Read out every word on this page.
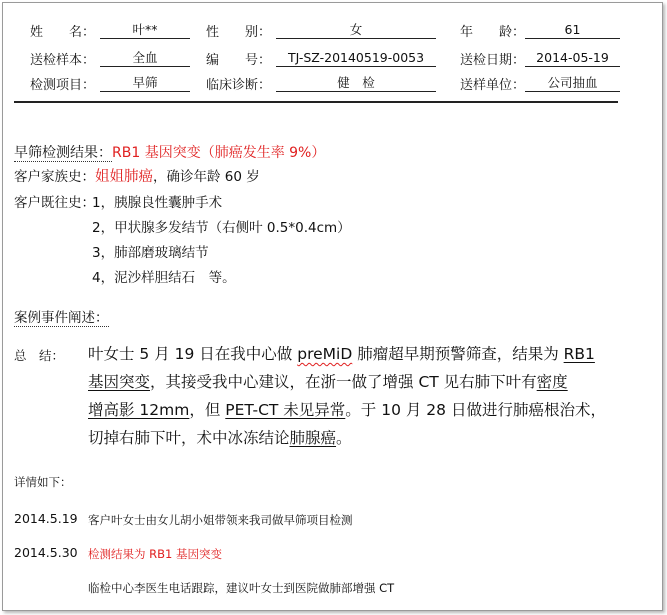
姓　　名：	叶**	性　　别：	女	年　　龄：	61
送检样本：	全血	编　　号：	TJ-SZ-20140519-0053	送检日期： 2014-05-19
检测项目：	早筛	临床诊断：	健　检	送样单位：	公司抽血
早筛检测结果：RB1 基因突变（肺癌发生率 9%）
客户家族史：姐姐肺癌，确诊年龄 60 岁
客户既往史：
1，胰腺良性囊肿手术
2，甲状腺多发结节（右侧叶 0.5*0.4cm）
3，肺部磨玻璃结节
4，泥沙样胆结石　等。
案例事件阐述：
总　结： 叶女士 5 月 19 日在我中心做 preMiD 肺瘤超早期预警筛查，结果为 RB1
基因突变，其接受我中心建议，在浙一做了增强 CT 见右肺下叶有密度
增高影 12mm，但 PET-CT 未见异常。于 10 月 28 日做进行肺癌根治术，
切掉右肺下叶，术中冰冻结论肺腺癌。
详情如下：
2014.5.19 客户叶女士由女儿胡小姐带领来我司做早筛项目检测
2014.5.30 检测结果为 RB1 基因突变
临检中心李医生电话跟踪，建议叶女士到医院做肺部增强 CT
